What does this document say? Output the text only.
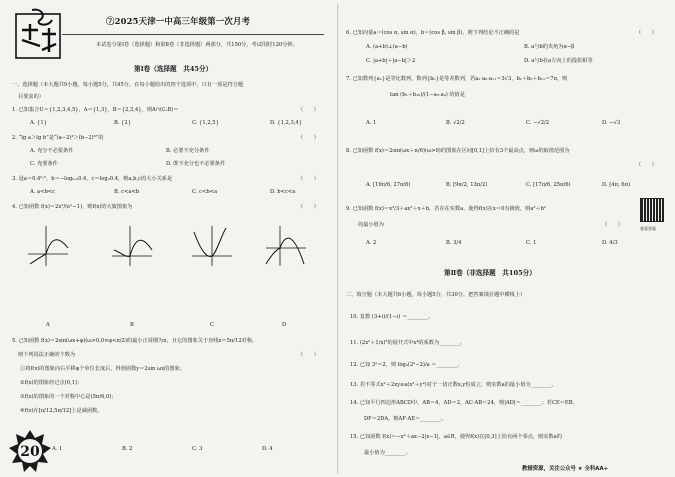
⑦2025天津一中高三年级第一次月考
本试卷分第Ⅰ卷（选择题）和第Ⅱ卷（非选择题）两部分，共150分，考试用时120分钟。
第Ⅰ卷（选择题　共45分）
一、选择题（本大题共9小题，每小题5分，共45分。在每小题给出的四个选项中，只有一项是符合题
目要求的）
1. 已知集合U＝{1,2,3,4,5}，A＝{1,3}，B＝{2,3,4}，则A∩(∁ᵤB)＝	（　　）
A. {1}	B. {2}	C. {1,2,5}	D. {1,2,3,4}
2. “lg a＞lg b”是“(a−2)³＞(b−2)³”的	（　　）
A. 充分不必要条件	B. 必要不充分条件
C. 充要条件	D. 既不充分也不必要条件
3. 设a＝0.4⁰·⁵，b＝−log₀.₅0.4，c＝log₂0.4，则a,b,c的大小关系是	（　　）
A. a<b<c	B. c<a<b	C. c<b<a	D. b<c<a
4. 已知函数 f(x)＝2x²/(eˣ−1)，则f(x)的大致图象为	（　　）
A	B	C	D
5. 已知函数 f(x)＝2sin(ωx+φ)(ω>0,0<φ<π/2)的最小正周期为π，且它的图象关于直线x＝5π/12对称，
则下列说法正确的个数为	（　　）
①将f(x)的图象向右平移φ个单位长度后，得到函数y＝2sin ωx的图象；
②f(x)的图象经过点(0,1)；
③f(x)的图象的一个对称中心是(5π/6,0)；
④f(x)在[π/12,5π/12]上是减函数。
A. 1	B. 2	C. 3	D. 4
20
6. 已知向量a＝(cos α, sin α)，b＝(cos β, sin β)，则下列结论不正确的是	（　　）
A. (a+b)⊥(a−b)	B. a与b的夹角为α−β
C. |a+b|＋|a−b|＞2	D. a与b在a方向上的投影相等
7. 已知数列{aₙ}是等比数列，数列{bₙ}是等差数列，若a₁·a₆·a₁₁＝3√3，b₁＋b₆＋b₁₁＝7π，则
tan (b₂＋b₁₀)/(1−a₃·a₉) 的值是
A. 1	B. √2/2	C. −√2/2	D. −√3
8. 已知函数 f(x)＝2sin(ωx＋π/6)(ω>0)的图象在区间[0,1]上恰有3个最高点，则ω的取值范围为
（　　）
A. [19π/6, 27π/6)	B. [9π/2, 13π/2)	C. [17π/6, 25π/6)	D. [4π, 6π)
9. 已知函数 f(x)＝x³/3＋ax²＋x＋b，若存在实数a，使得f(x)在x＝0有极值，则a²＋b²
的最小值为	（　　）
A. 2	B. 3/4	C. 1	D. 4/3
查看答案
第Ⅱ卷（非选择题　共105分）
二、填空题（本大题共6小题，每小题5分，共30分。把答案填在题中横线上）
10. 复数 (3+i)/(1−i) ＝________。
11. (2x²＋1/x)⁵的展开式中x⁴的系数为________。
12. 已知 3ᵃ＝2，则 log₃(2ᵃ−2)/a ＝________。
13. 若不等式x²＋2xy≤a(x²＋y²)对于一切正数x,y恒成立，则实数a的最小值为________。
14. 已知平行四边形ABCD中，AB＝4，AD＝2，AC·AB＝24，则|AD|＝________；若CE＝EB，
DF＝2DA，则AF·AE＝________。
15. 已知函数 f(x)＝−x²＋ax−2|x−1|，a∈R，使得f(x)在[0,3]上恰有两个零点，则实数a的
最小值为________。
教辅资源，关注公众号 ★ 全科AA+
